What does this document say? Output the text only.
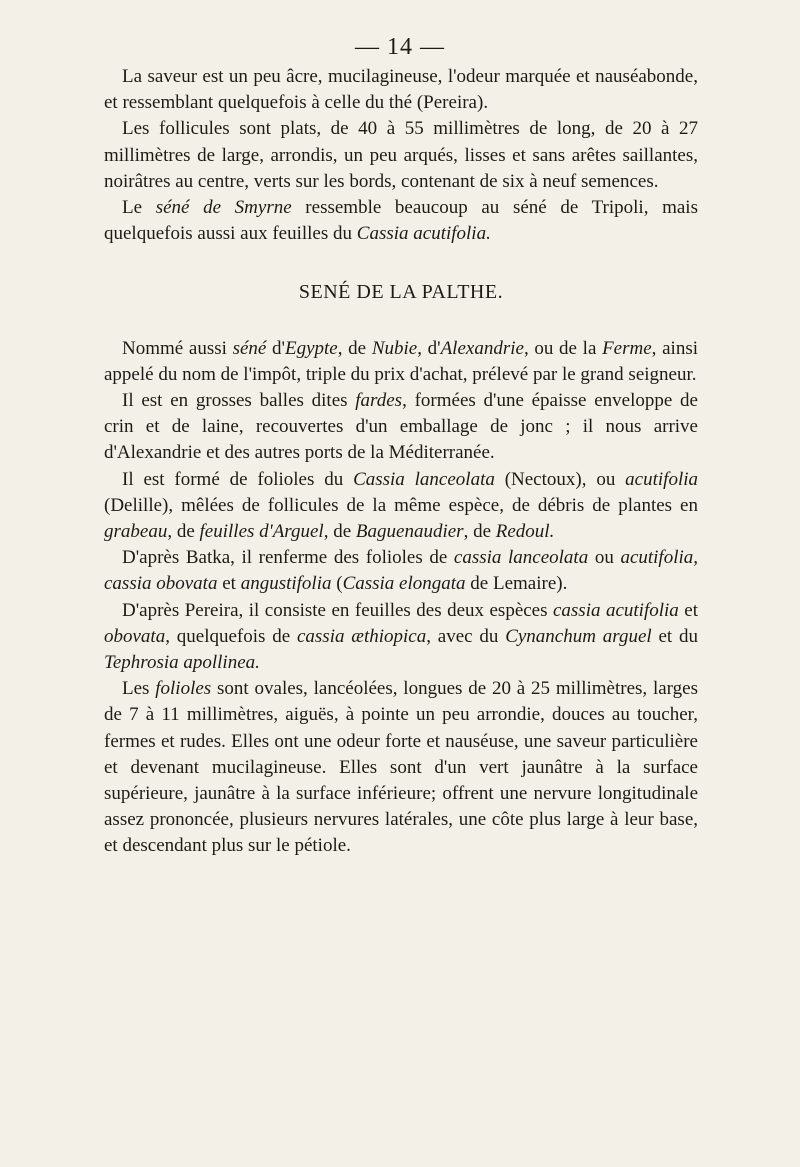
— 14 —

La saveur est un peu âcre, mucilagineuse, l'odeur marquée et nauséabonde, et ressemblant quelquefois à celle du thé (Pereira).

Les follicules sont plats, de 40 à 55 millimètres de long, de 20 à 27 millimètres de large, arrondis, un peu arqués, lisses et sans arêtes saillantes, noirâtres au centre, verts sur les bords, contenant de six à neuf semences.

Le séné de Smyrne ressemble beaucoup au séné de Tripoli, mais quelquefois aussi aux feuilles du Cassia acutifolia.

SENÉ DE LA PALTHE.

Nommé aussi séné d'Egypte, de Nubie, d'Alexandrie, ou de la Ferme, ainsi appelé du nom de l'impôt, triple du prix d'achat, prélevé par le grand seigneur.

Il est en grosses balles dites fardes, formées d'une épaisse enveloppe de crin et de laine, recouvertes d'un emballage de jonc ; il nous arrive d'Alexandrie et des autres ports de la Méditerranée.

Il est formé de folioles du Cassia lanceolata (Nectoux), ou acutifolia (Delille), mêlées de follicules de la même espèce, de débris de plantes en grabeau, de feuilles d'Arguel, de Baguenaudier, de Redoul.

D'après Batka, il renferme des folioles de cassia lanceolata ou acutifolia, cassia obovata et angustifolia (Cassia elongata de Lemaire).

D'après Pereira, il consiste en feuilles des deux espèces cassia acutifolia et obovata, quelquefois de cassia æthiopica, avec du Cynanchum arguel et du Tephrosia apollinea.

Les folioles sont ovales, lancéolées, longues de 20 à 25 millimètres, larges de 7 à 11 millimètres, aiguës, à pointe un peu arrondie, douces au toucher, fermes et rudes. Elles ont une odeur forte et nauséuse, une saveur particulière et devenant mucilagineuse. Elles sont d'un vert jaunâtre à la surface supérieure, jaunâtre à la surface inférieure; offrent une nervure longitudinale assez prononcée, plusieurs nervures latérales, une côte plus large à leur base, et descendant plus sur le pétiole.
